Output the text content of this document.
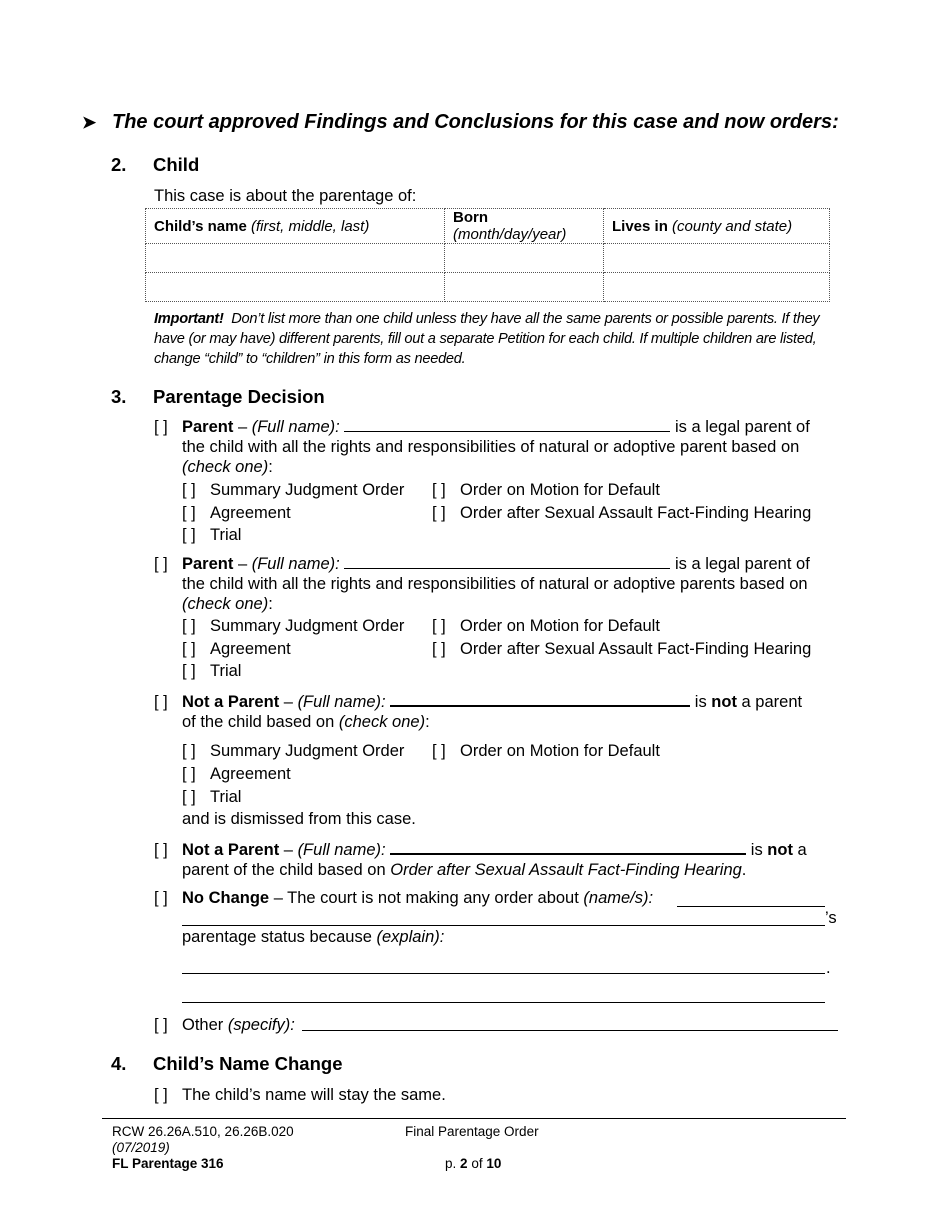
➤ The court approved Findings and Conclusions for this case and now orders:
2. Child
This case is about the parentage of:
Child’s name (first, middle, last)	Born (month/day/year)	Lives in (county and state)

Important! Don’t list more than one child unless they have all the same parents or possible parents. If they have (or may have) different parents, fill out a separate Petition for each child. If multiple children are listed, change “child” to “children” in this form as needed.
3. Parentage Decision
[ ] Parent – (Full name):	is a legal parent of
the child with all the rights and responsibilities of natural or adoptive parent based on
(check one):
[ ] Summary Judgment Order [ ] Order on Motion for Default
[ ] Agreement	[ ] Order after Sexual Assault Fact-Finding Hearing
[ ] Trial
[ ] Parent – (Full name):	is a legal parent of
the child with all the rights and responsibilities of natural or adoptive parents based on
(check one):
[ ] Summary Judgment Order [ ] Order on Motion for Default
[ ] Agreement	[ ] Order after Sexual Assault Fact-Finding Hearing
[ ] Trial
[ ] Not a Parent – (Full name):	is not a parent
of the child based on (check one):
[ ] Summary Judgment Order [ ] Order on Motion for Default
[ ] Agreement
[ ] Trial
and is dismissed from this case.
[ ] Not a Parent – (Full name):	is not a
parent of the child based on Order after Sexual Assault Fact-Finding Hearing.
[ ] No Change – The court is not making any order about (name/s):
’s
parentage status because (explain):
.
[ ] Other (specify):
4. Child’s Name Change
[ ] The child’s name will stay the same.
RCW 26.26A.510, 26.26B.020
(07/2019)
FL Parentage 316
Final Parentage Order
p. 2 of 10
